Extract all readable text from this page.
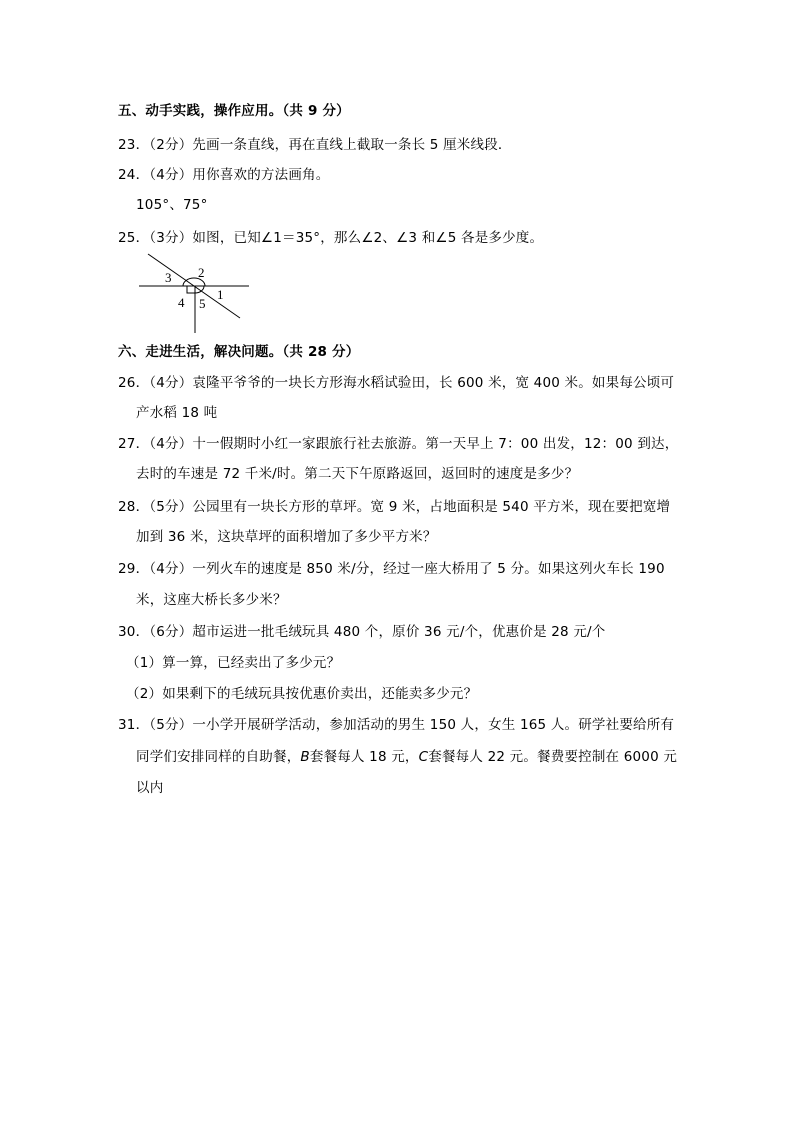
五、动手实践，操作应用。（共 9 分）
23．（2分）先画一条直线，再在直线上截取一条长 5 厘米线段．
24．（4分）用你喜欢的方法画角。
105°、75°
25．（3分）如图，已知∠1＝35°，那么∠2、∠3 和∠5 各是多少度。
3 2
1
4 5
六、走进生活，解决问题。（共 28 分）
26．（4分）袁隆平爷爷的一块长方形海水稻试验田，长 600 米，宽 400 米。如果每公顷可
产水稻 18 吨
27．（4分）十一假期时小红一家跟旅行社去旅游。第一天早上 7：00 出发，12：00 到达，
去时的车速是 72 千米/时。第二天下午原路返回，返回时的速度是多少？
28．（5分）公园里有一块长方形的草坪。宽 9 米，占地面积是 540 平方米，现在要把宽增
加到 36 米，这块草坪的面积增加了多少平方米？
29．（4分）一列火车的速度是 850 米/分，经过一座大桥用了 5 分。如果这列火车长 190
米，这座大桥长多少米？
30．（6分）超市运进一批毛绒玩具 480 个，原价 36 元/个，优惠价是 28 元/个
（1）算一算，已经卖出了多少元？
（2）如果剩下的毛绒玩具按优惠价卖出，还能卖多少元？
31．（5分）一小学开展研学活动，参加活动的男生 150 人，女生 165 人。研学社要给所有
同学们安排同样的自助餐，B套餐每人 18 元，C套餐每人 22 元。餐费要控制在 6000 元
以内
